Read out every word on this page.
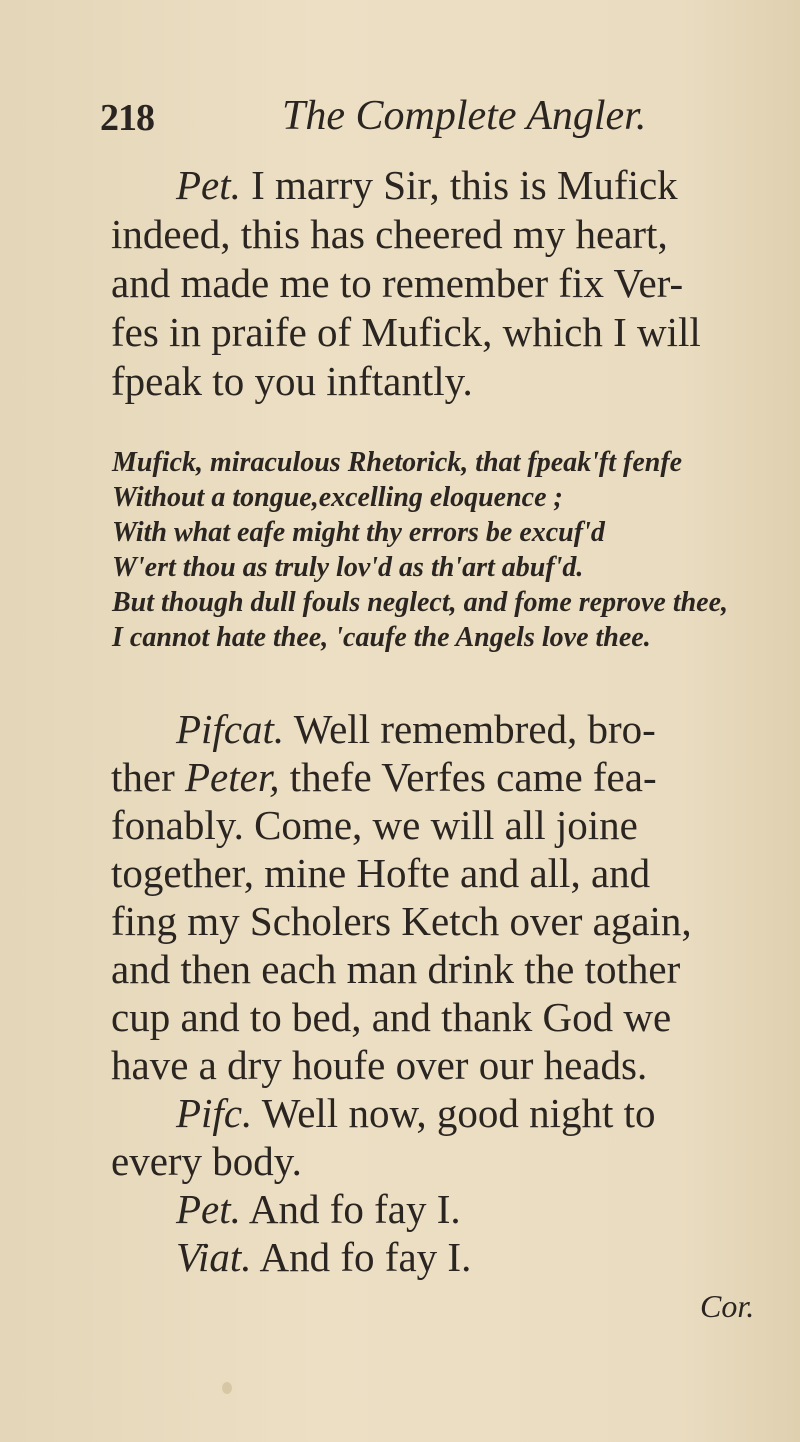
218	The Complete Angler.

Pet. I marry Sir, this is Mufick

indeed, this has cheered my heart,

and made me to remember fix Ver-

fes in praife of Mufick, which I will

fpeak to you inftantly.

Mufick, miraculous Rhetorick, that fpeak'ft fenfe

Without a tongue,excelling eloquence ;

With what eafe might thy errors be excuf'd

W'ert thou as truly lov'd as th'art abuf'd.

But though dull fouls neglect, and fome reprove thee,

I cannot hate thee, 'caufe the Angels love thee.

Pifcat. Well remembred, bro-

ther Peter, thefe Verfes came fea-

fonably. Come, we will all joine

together, mine Hofte and all, and

fing my Scholers Ketch over again,

and then each man drink the tother

cup and to bed, and thank God we

have a dry houfe over our heads.

Pifc. Well now, good night to

every body.

Pet. And fo fay I.

Viat. And fo fay I.

Cor.
